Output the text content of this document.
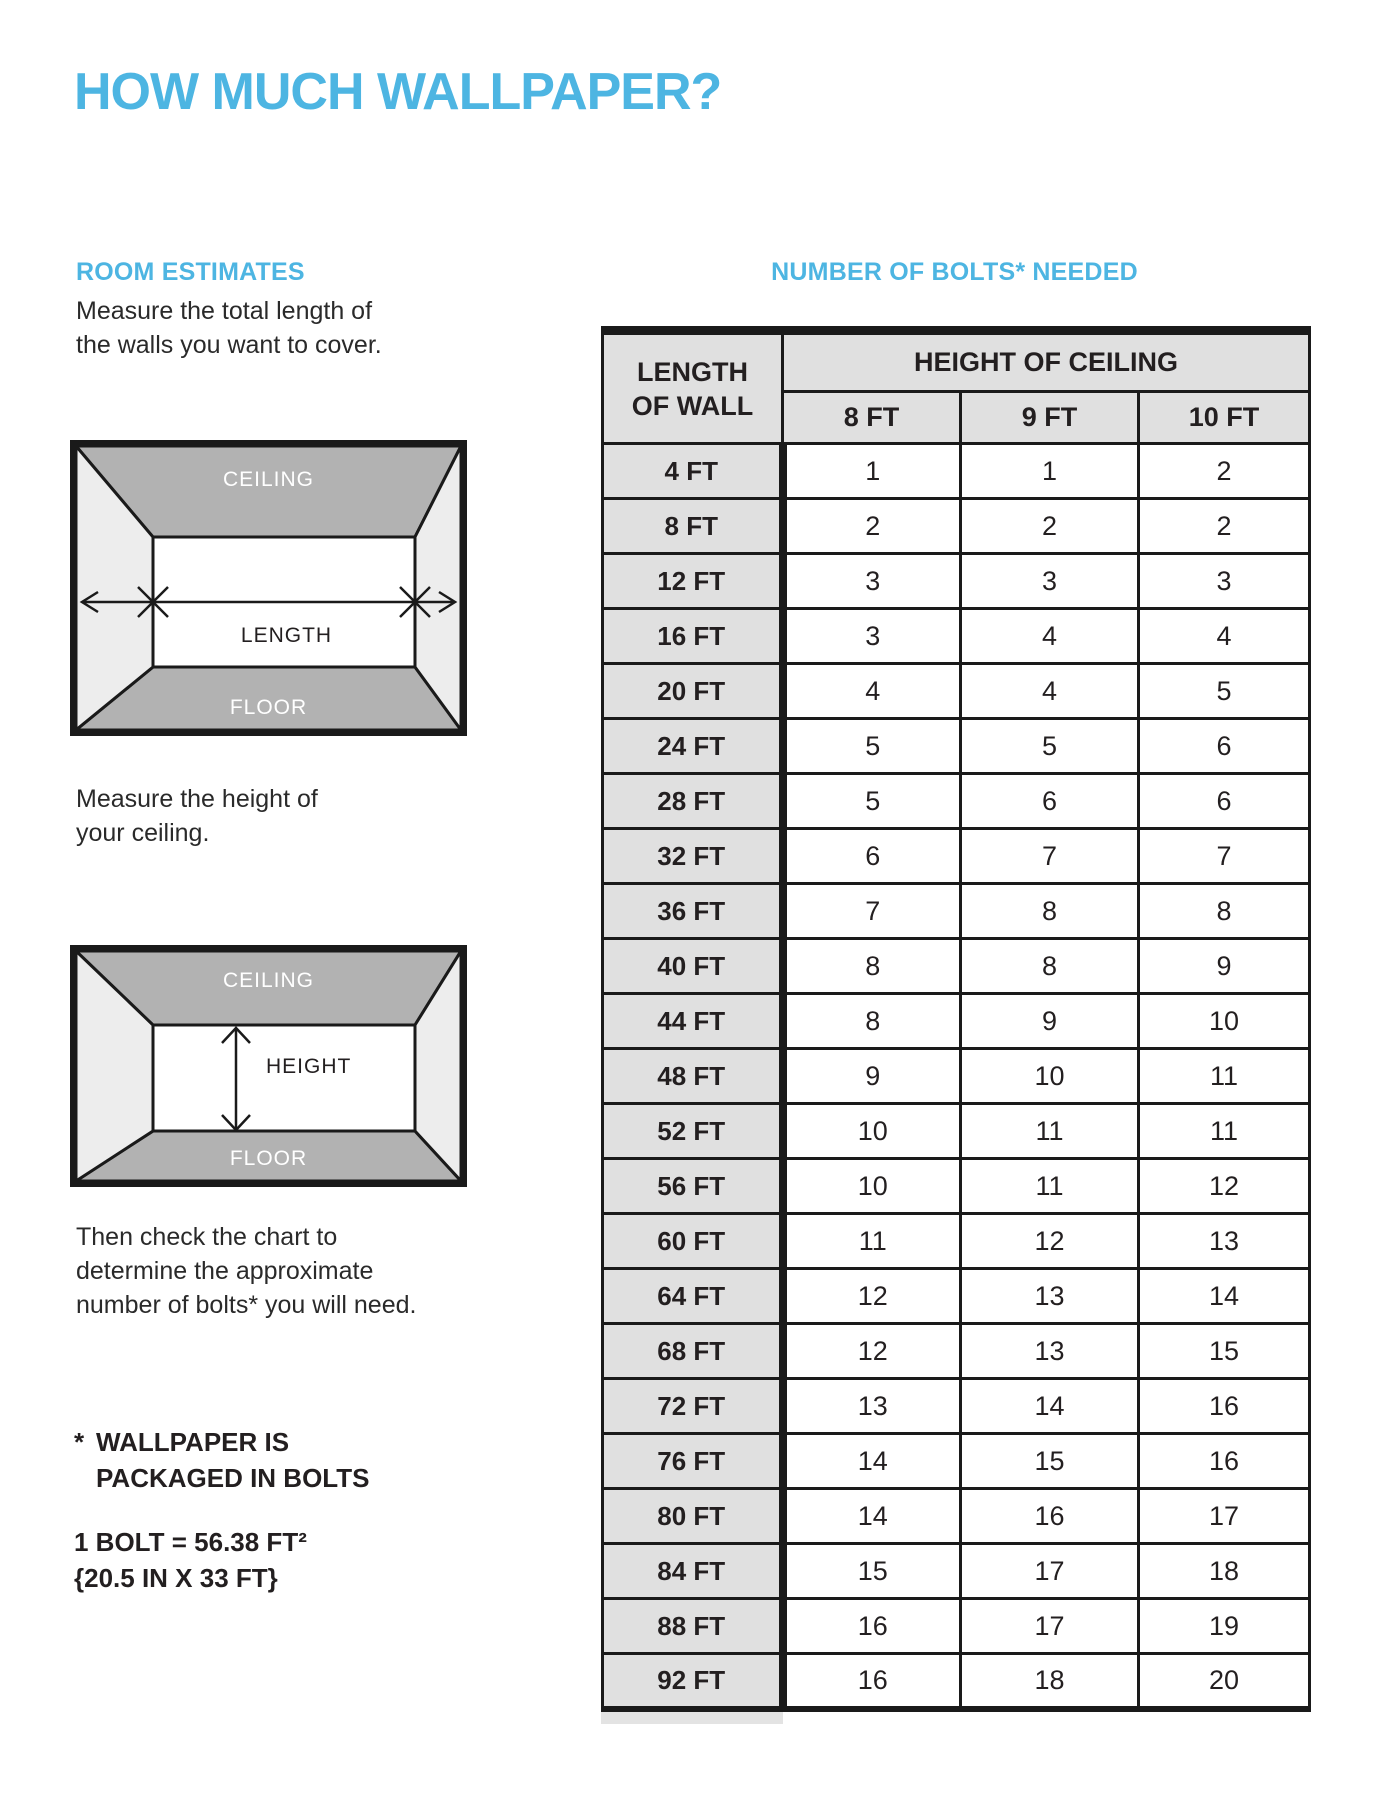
HOW MUCH WALLPAPER?
ROOM ESTIMATES	NUMBER OF BOLTS* NEEDED
Measure the total length of
the walls you want to cover.
CEILING
LENGTH
FLOOR
Measure the height of
your ceiling.
CEILING
HEIGHT
FLOOR
Then check the chart to
determine the approximate
number of bolts* you will need.
* WALLPAPER IS
PACKAGED IN BOLTS
1 BOLT = 56.38 FT²
{20.5 IN X 33 FT}
LENGTH
OF WALL	HEIGHT OF CEILING		
	8 FT	9 FT	10 FT
4 FT	1	1	2
8 FT	2	2	2
12 FT	3	3	3
16 FT	3	4	4
20 FT	4	4	5
24 FT	5	5	6
28 FT	5	6	6
32 FT	6	7	7
36 FT	7	8	8
40 FT	8	8	9
44 FT	8	9	10
48 FT	9	10	11
52 FT	10	11	11
56 FT	10	11	12
60 FT	11	12	13
64 FT	12	13	14
68 FT	12	13	15
72 FT	13	14	16
76 FT	14	15	16
80 FT	14	16	17
84 FT	15	17	18
88 FT	16	17	19
92 FT	16	18	20
